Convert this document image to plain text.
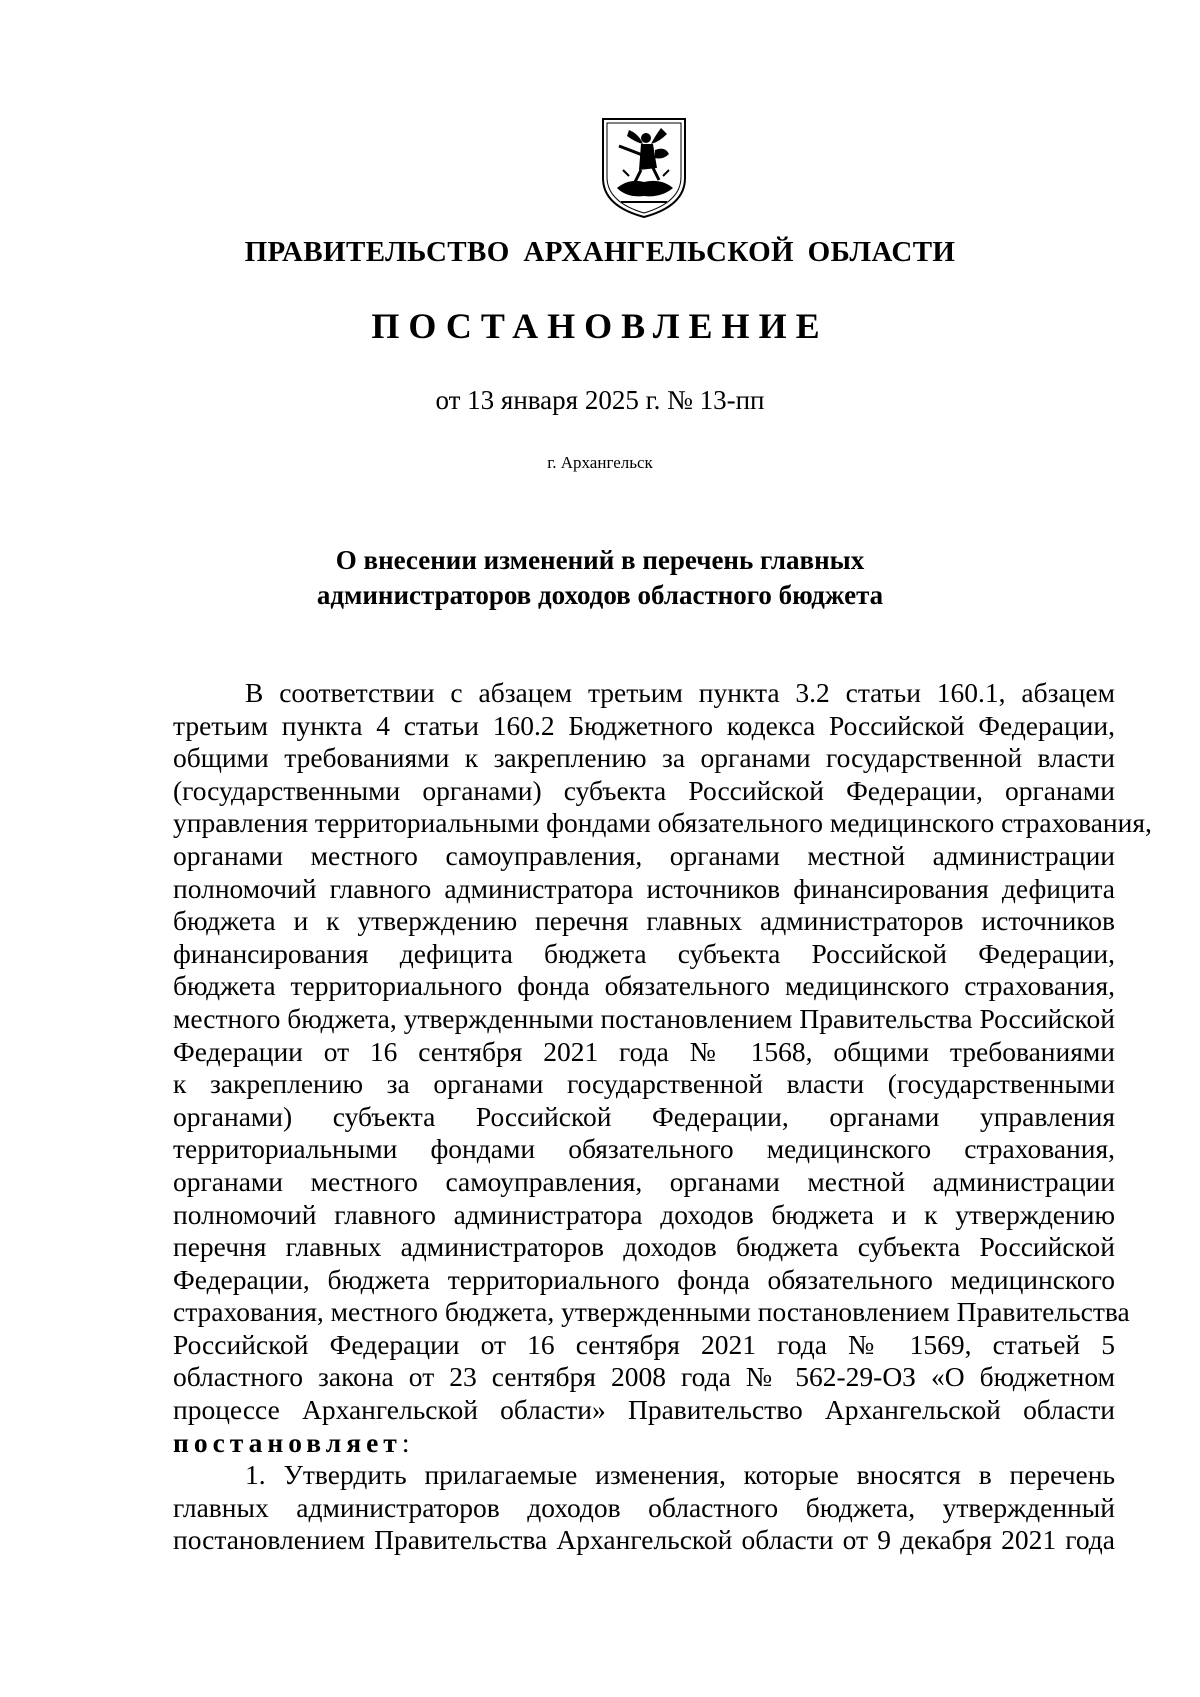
ПРАВИТЕЛЬСТВО АРХАНГЕЛЬСКОЙ ОБЛАСТИ
ПОСТАНОВЛЕНИЕ
от 13 января 2025 г. № 13-пп
г. Архангельск
О внесении изменений в перечень главных
администраторов доходов областного бюджета
В соответствии с абзацем третьим пункта 3.2 статьи 160.1, абзацем
третьим пункта 4 статьи 160.2 Бюджетного кодекса Российской Федерации,
общими требованиями к закреплению за органами государственной власти
(государственными органами) субъекта Российской Федерации, органами
управления территориальными фондами обязательного медицинского страхования,
органами местного самоуправления, органами местной администрации
полномочий главного администратора источников финансирования дефицита
бюджета и к утверждению перечня главных администраторов источников
финансирования дефицита бюджета субъекта Российской Федерации,
бюджета территориального фонда обязательного медицинского страхования,
местного бюджета, утвержденными постановлением Правительства Российской
Федерации от 16 сентября 2021 года № 1568, общими требованиями
к закреплению за органами государственной власти (государственными
органами) субъекта Российской Федерации, органами управления
территориальными фондами обязательного медицинского страхования,
органами местного самоуправления, органами местной администрации
полномочий главного администратора доходов бюджета и к утверждению
перечня главных администраторов доходов бюджета субъекта Российской
Федерации, бюджета территориального фонда обязательного медицинского
страхования, местного бюджета, утвержденными постановлением Правительства
Российской Федерации от 16 сентября 2021 года № 1569, статьей 5
областного закона от 23 сентября 2008 года № 562-29-ОЗ «О бюджетном
процессе Архангельской области» Правительство Архангельской области
постановляет:
1. Утвердить прилагаемые изменения, которые вносятся в перечень
главных администраторов доходов областного бюджета, утвержденный
постановлением Правительства Архангельской области от 9 декабря 2021 года
